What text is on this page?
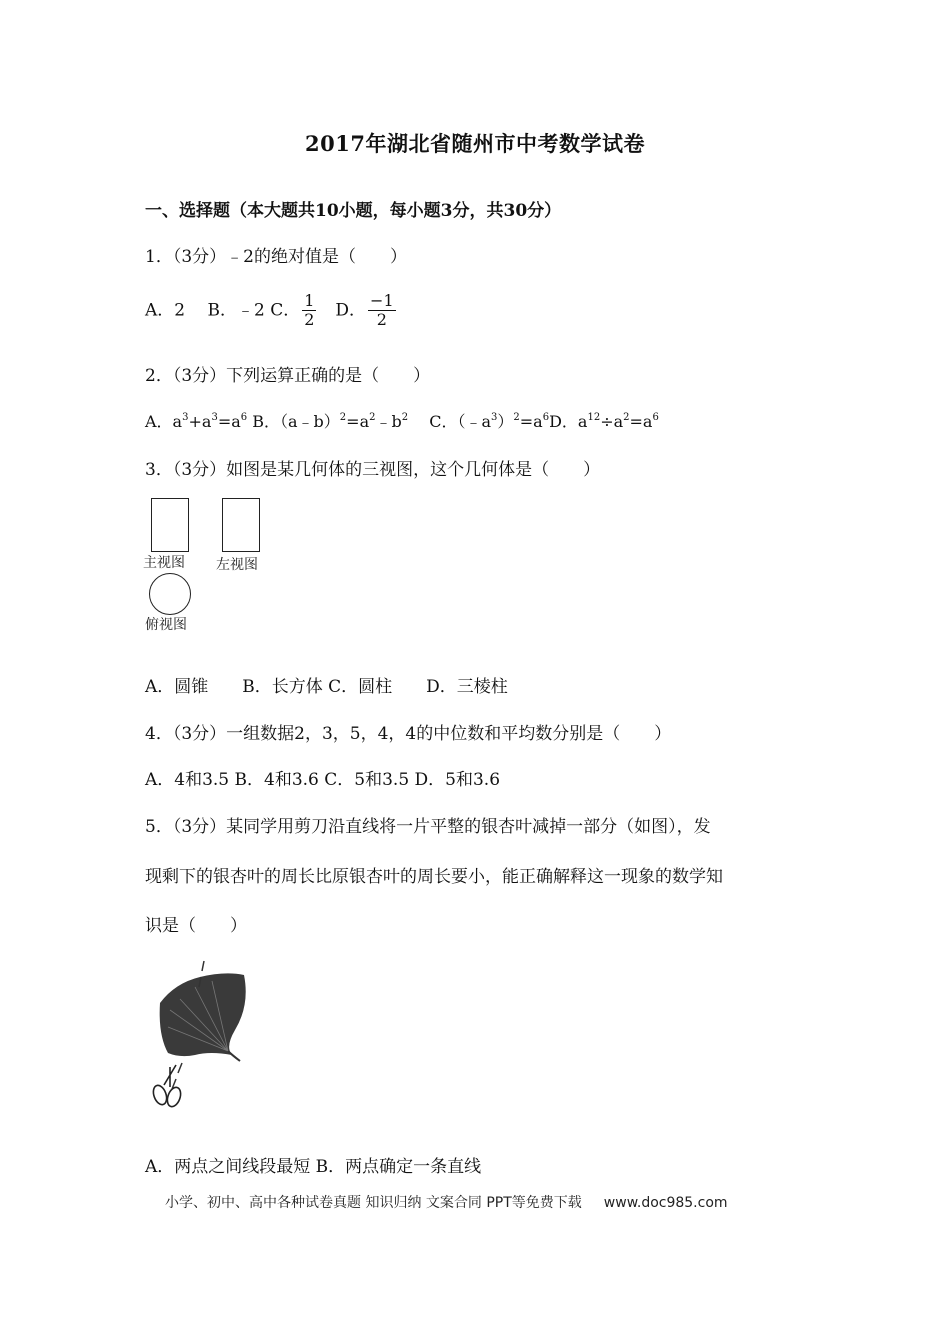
2017年湖北省随州市中考数学试卷
一、选择题（本大题共10小题，每小题3分，共30分）
1．（3分）﹣2的绝对值是（　　）
A．2　 B．﹣2 C． $\frac{1}{2}$ 　D． $\frac{-1}{2}$
2．（3分）下列运算正确的是（　　）
A．$a^3+a^3=a^6$ B．$(a﹣b)^2=a^2﹣b^2$　 C．$(﹣a^3)^2=a^6D$．$a^{12}\div a^2=a^6$
3．（3分）如图是某几何体的三视图，这个几何体是（　　）
主视图 左视图
俯视图
A．圆锥　　B．长方体 C．圆柱　　D．三棱柱
4．（3分）一组数据2，3，5，4，4的中位数和平均数分别是（　　）
A．4和3.5 B．4和3.6 C．5和3.5 D．5和3.6
5．（3分）某同学用剪刀沿直线将一片平整的银杏叶减掉一部分（如图），发
现剩下的银杏叶的周长比原银杏叶的周长要小，能正确解释这一现象的数学知
识是（　　）
A．两点之间线段最短 B．两点确定一条直线
小学、初中、高中各种试卷真题 知识归纳 文案合同 PPT等免费下载 www.doc985.com
